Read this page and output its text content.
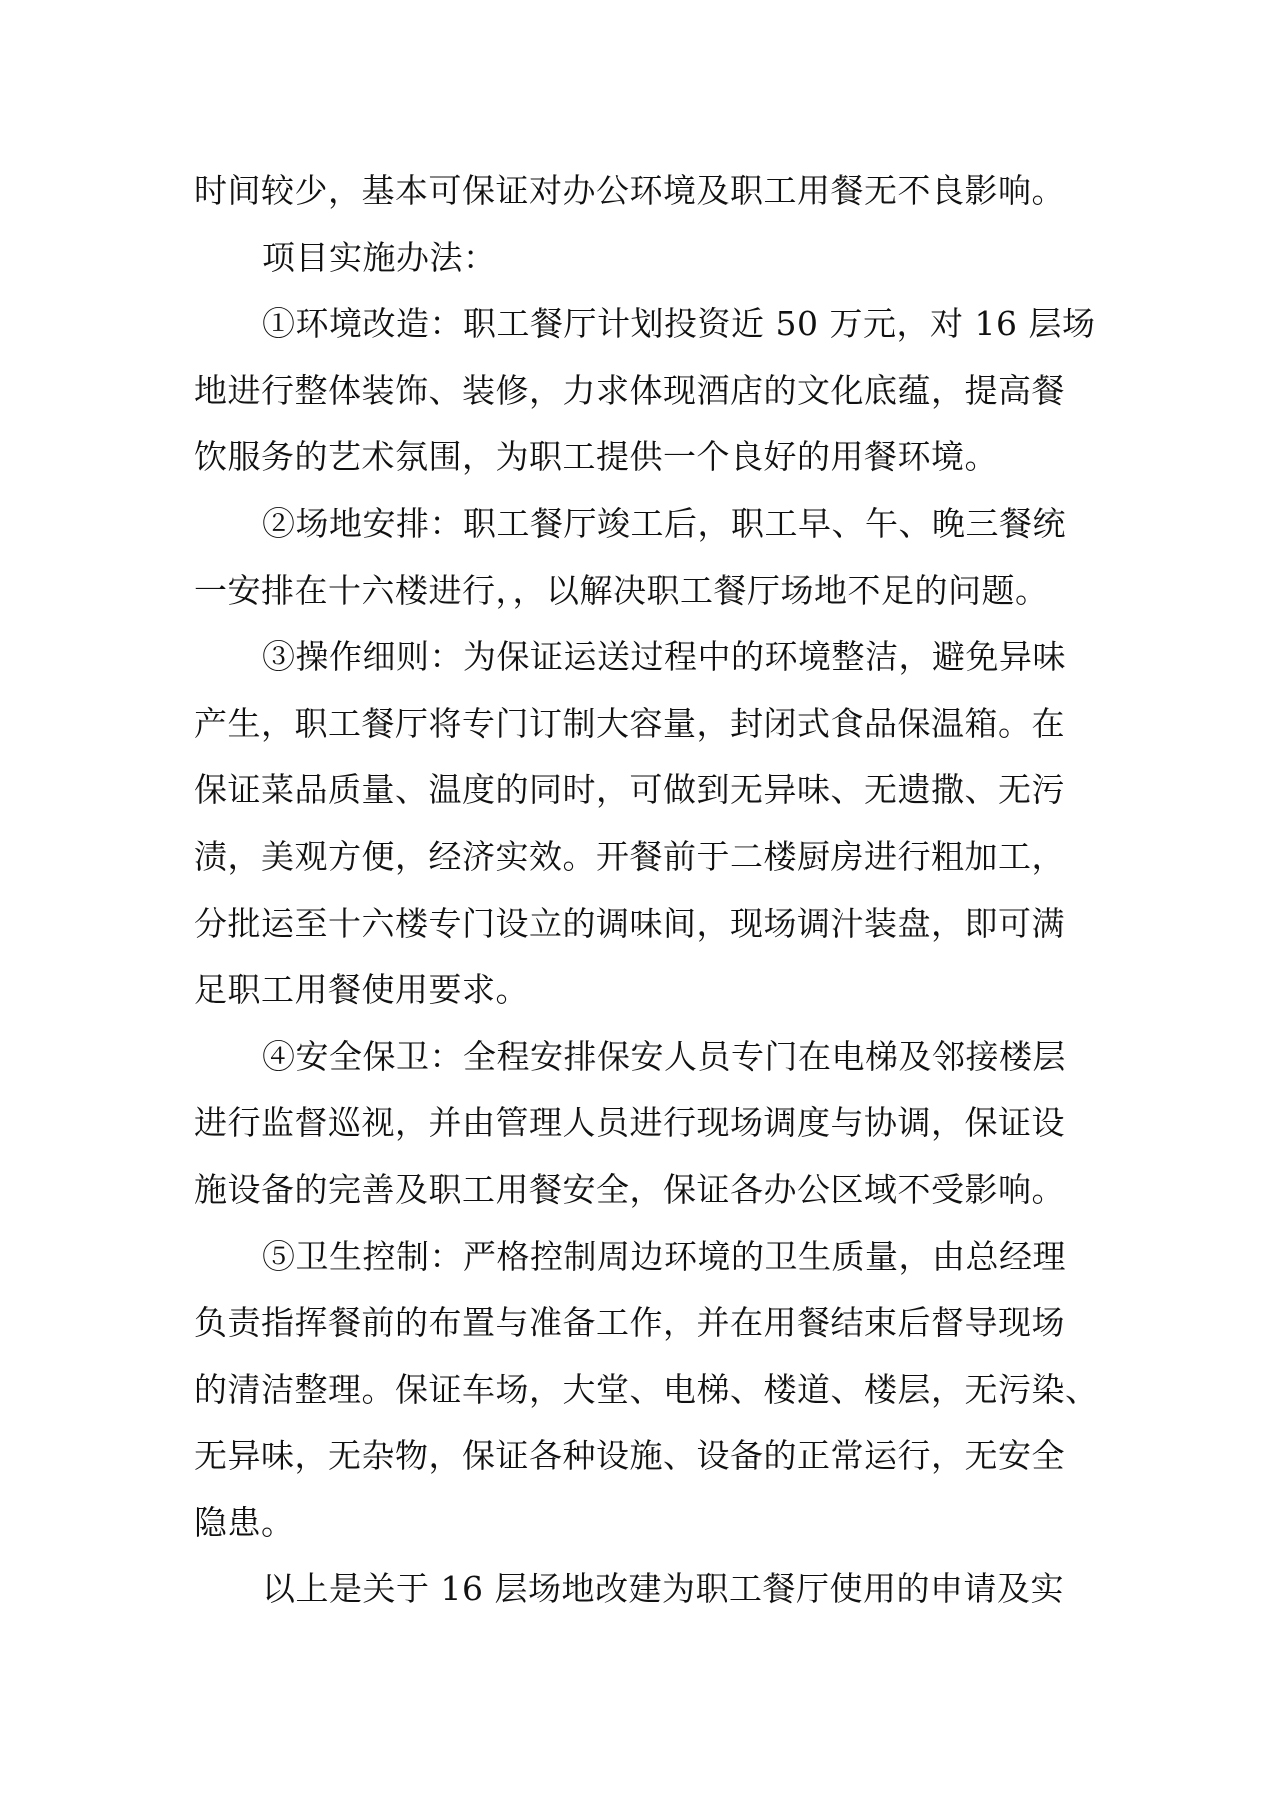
时间较少，基本可保证对办公环境及职工用餐无不良影响。
项目实施办法：
①环境改造：职工餐厅计划投资近 50 万元，对 16 层场
地进行整体装饰、装修，力求体现酒店的文化底蕴，提高餐
饮服务的艺术氛围，为职工提供一个良好的用餐环境。
②场地安排：职工餐厅竣工后，职工早、午、晚三餐统
一安排在十六楼进行，，以解决职工餐厅场地不足的问题。
③操作细则：为保证运送过程中的环境整洁，避免异味
产生，职工餐厅将专门订制大容量，封闭式食品保温箱。在
保证菜品质量、温度的同时，可做到无异味、无遗撒、无污
渍，美观方便，经济实效。开餐前于二楼厨房进行粗加工，
分批运至十六楼专门设立的调味间，现场调汁装盘，即可满
足职工用餐使用要求。
④安全保卫：全程安排保安人员专门在电梯及邻接楼层
进行监督巡视，并由管理人员进行现场调度与协调，保证设
施设备的完善及职工用餐安全，保证各办公区域不受影响。
⑤卫生控制：严格控制周边环境的卫生质量，由总经理
负责指挥餐前的布置与准备工作，并在用餐结束后督导现场
的清洁整理。保证车场，大堂、电梯、楼道、楼层，无污染、
无异味，无杂物，保证各种设施、设备的正常运行，无安全
隐患。
以上是关于 16 层场地改建为职工餐厅使用的申请及实
